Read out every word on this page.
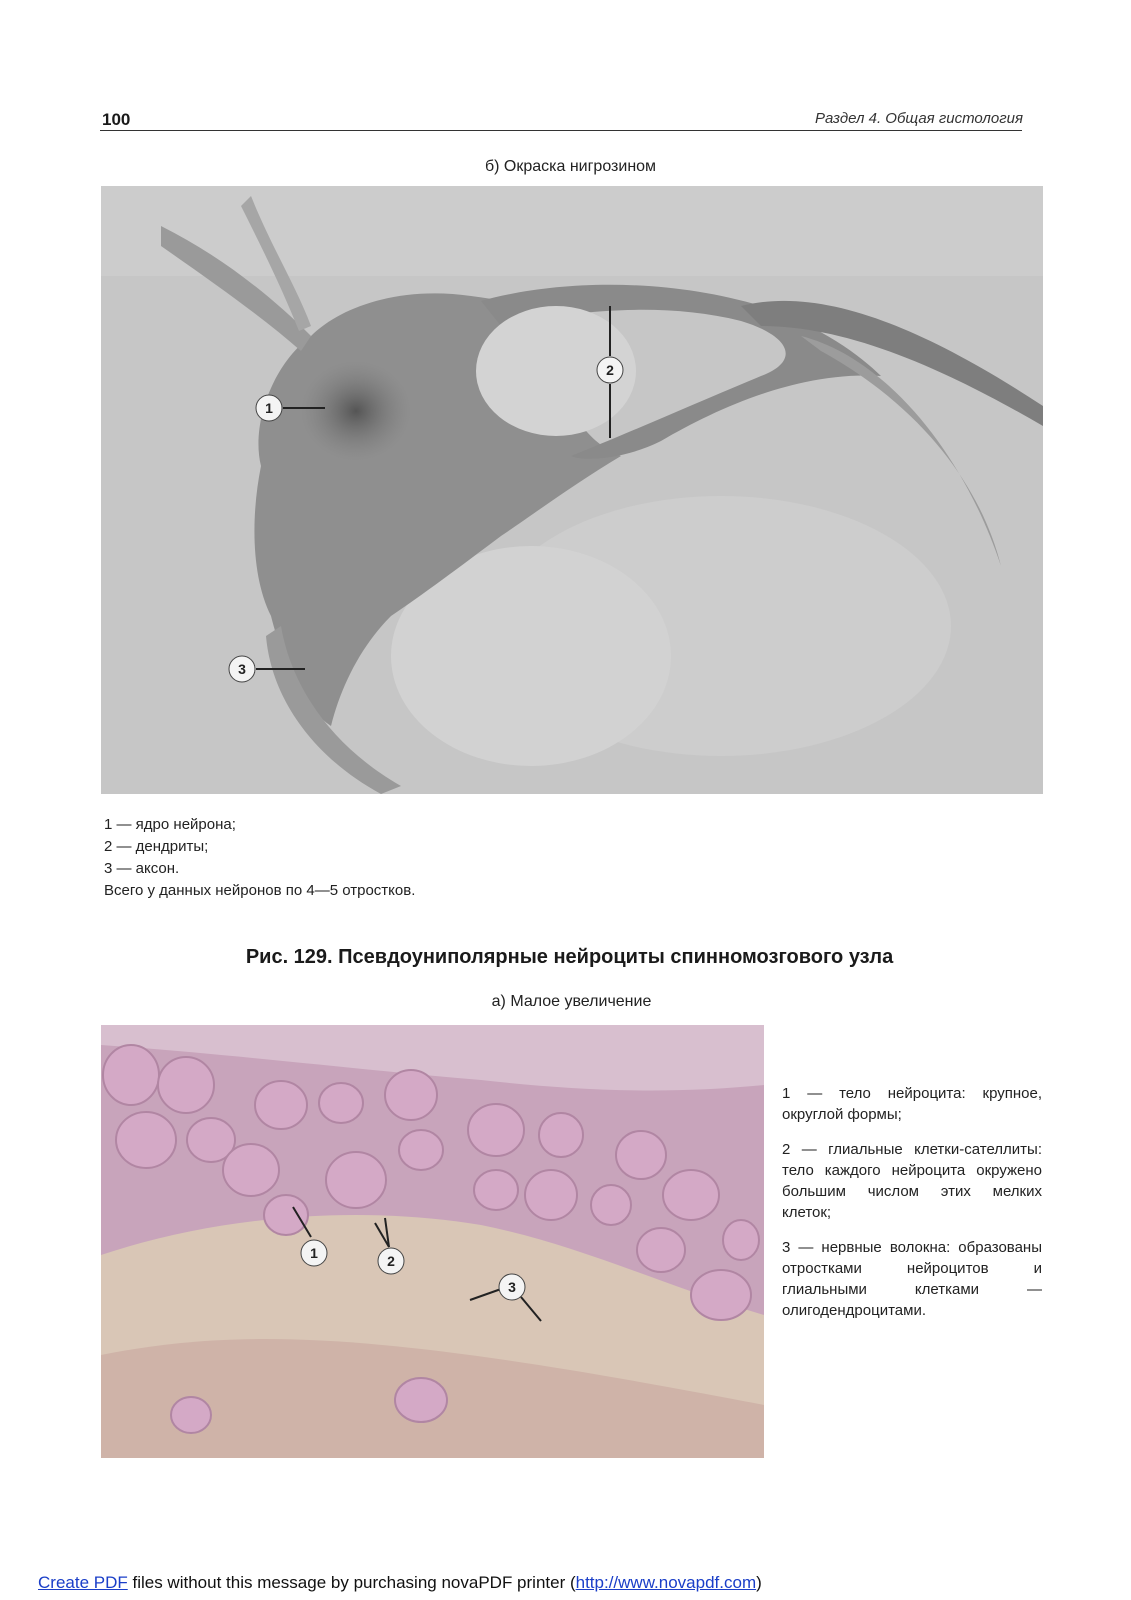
100	Раздел 4. Общая гистология
б) Окраска нигрозином
1
2
3
1 — ядро нейрона;
2 — дендриты;
3 — аксон.
Всего у данных нейронов по 4—5 отростков.
Рис. 129. Псевдоуниполярные нейроциты спинномозгового узла
а) Малое увеличение
1	2
3

1 — тело нейроцита: крупное, округлой формы;

2 — глиальные клетки-сателлиты: тело каждого нейроцита окружено большим числом этих мелких клеток;

3 — нервные волокна: образованы отростками нейроцитов и глиальными клетками — олигодендроцитами.

Create PDF files without this message by purchasing novaPDF printer (http://www.novapdf.com)
